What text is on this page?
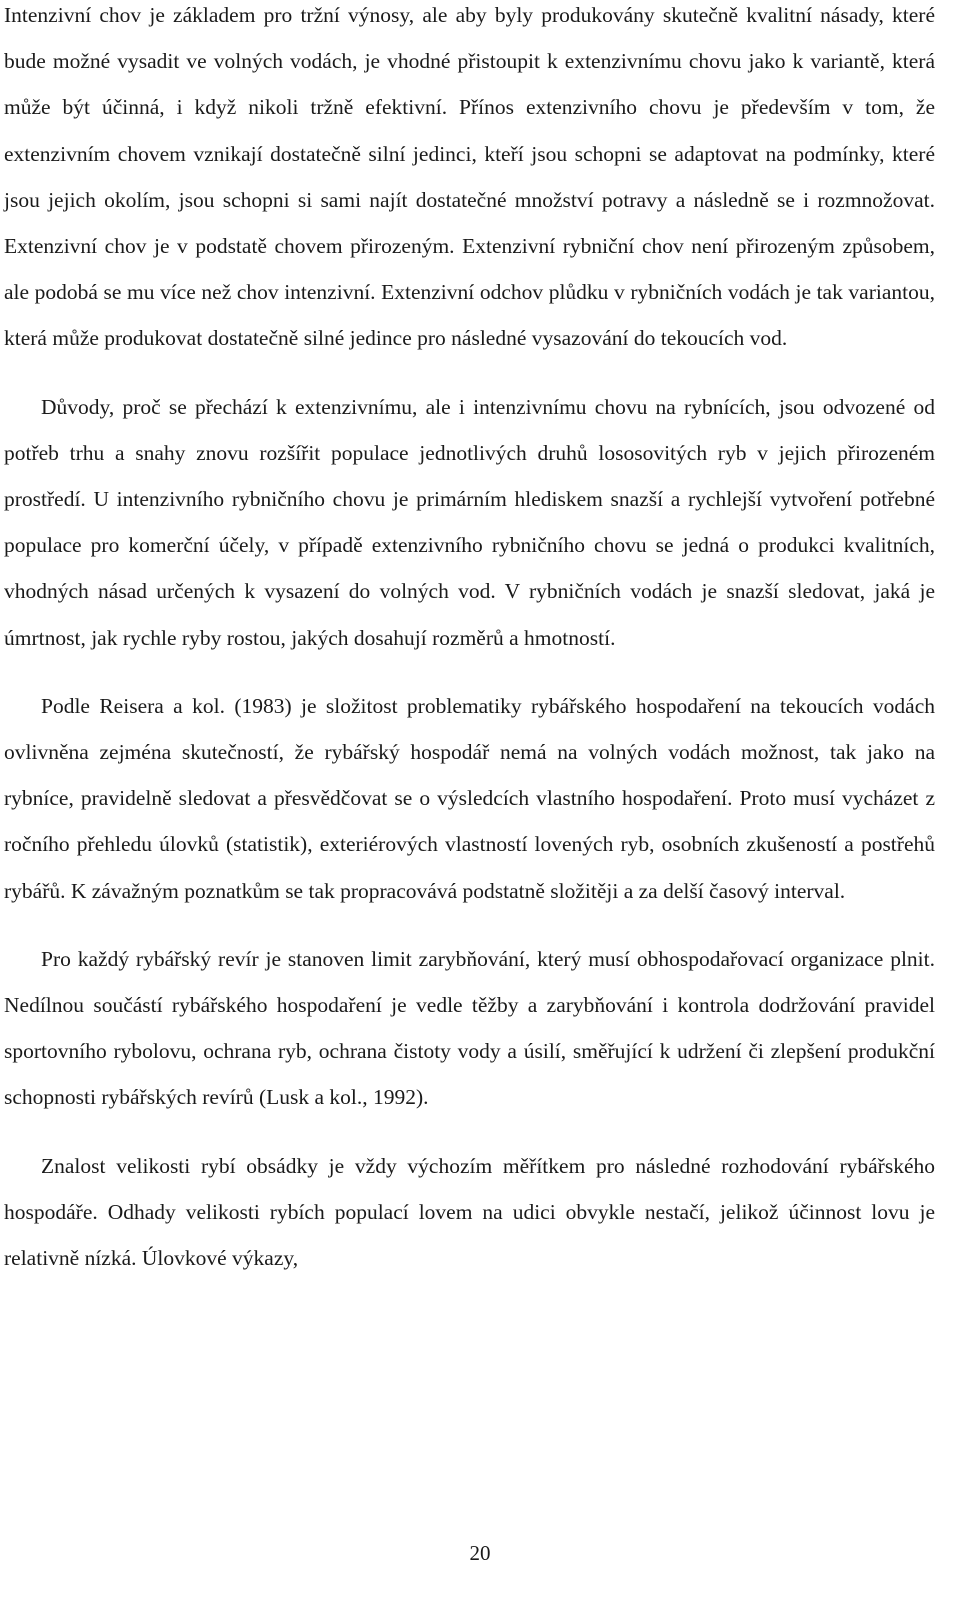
Intenzivní chov je základem pro tržní výnosy, ale aby byly produkovány skutečně kvalitní násady, které bude možné vysadit ve volných vodách, je vhodné přistoupit k extenzivnímu chovu jako k variantě, která může být účinná, i když nikoli tržně efektivní. Přínos extenzivního chovu je především v tom, že extenzivním chovem vznikají dostatečně silní jedinci, kteří jsou schopni se adaptovat na podmínky, které jsou jejich okolím, jsou schopni si sami najít dostatečné množství potravy a následně se i rozmnožovat. Extenzivní chov je v podstatě chovem přirozeným. Extenzivní rybniční chov není přirozeným způsobem, ale podobá se mu více než chov intenzivní. Extenzivní odchov plůdku v rybničních vodách je tak variantou, která může produkovat dostatečně silné jedince pro následné vysazování do tekoucích vod.

Důvody, proč se přechází k extenzivnímu, ale i intenzivnímu chovu na rybnících, jsou odvozené od potřeb trhu a snahy znovu rozšířit populace jednotlivých druhů lososovitých ryb v jejich přirozeném prostředí. U intenzivního rybničního chovu je primárním hlediskem snazší a rychlejší vytvoření potřebné populace pro komerční účely, v případě extenzivního rybničního chovu se jedná o produkci kvalitních, vhodných násad určených k vysazení do volných vod. V rybničních vodách je snazší sledovat, jaká je úmrtnost, jak rychle ryby rostou, jakých dosahují rozměrů a hmotností.

Podle Reisera a kol. (1983) je složitost problematiky rybářského hospodaření na tekoucích vodách ovlivněna zejména skutečností, že rybářský hospodář nemá na volných vodách možnost, tak jako na rybníce, pravidelně sledovat a přesvědčovat se o výsledcích vlastního hospodaření. Proto musí vycházet z ročního přehledu úlovků (statistik), exteriérových vlastností lovených ryb, osobních zkušeností a postřehů rybářů. K závažným poznatkům se tak propracovává podstatně složitěji a za delší časový interval.

Pro každý rybářský revír je stanoven limit zarybňování, který musí obhospodařovací organizace plnit. Nedílnou součástí rybářského hospodaření je vedle těžby a zarybňování i kontrola dodržování pravidel sportovního rybolovu, ochrana ryb, ochrana čistoty vody a úsilí, směřující k udržení či zlepšení produkční schopnosti rybářských revírů (Lusk a kol., 1992).

Znalost velikosti rybí obsádky je vždy výchozím měřítkem pro následné rozhodování rybářského hospodáře. Odhady velikosti rybích populací lovem na udici obvykle nestačí, jelikož účinnost lovu je relativně nízká. Úlovkové výkazy,

20
